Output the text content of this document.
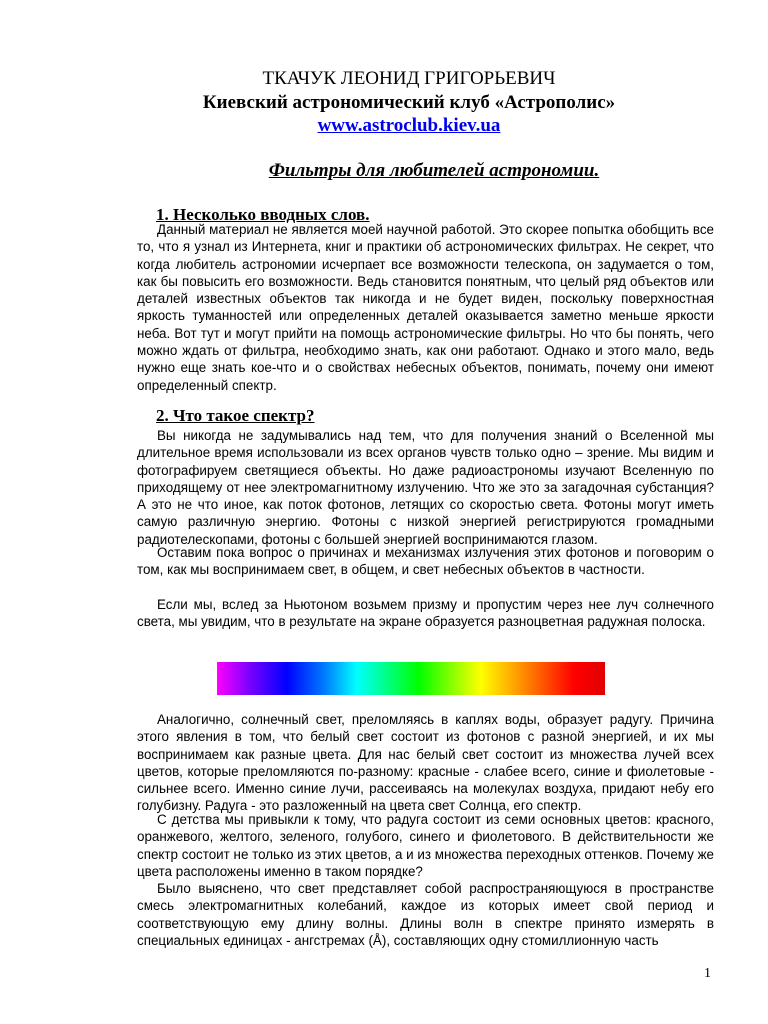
ТКАЧУК ЛЕОНИД ГРИГОРЬЕВИЧ
Киевский астрономический клуб «Астрополис»
www.astroclub.kiev.ua
Фильтры для любителей астрономии.
1. Несколько вводных слов.

Данный материал не является моей научной работой. Это скорее попытка обобщить все то, что я узнал из Интернета, книг и практики об астрономических фильтрах. Не секрет, что когда любитель астрономии исчерпает все возможности телескопа, он задумается о том, как бы повысить его возможности. Ведь становится понятным, что целый ряд объектов или деталей известных объектов так никогда и не будет виден, поскольку поверхностная яркость туманностей или определенных деталей оказывается заметно меньше яркости неба. Вот тут и могут прийти на помощь астрономические фильтры. Но что бы понять, чего можно ждать от фильтра, необходимо знать, как они работают. Однако и этого мало, ведь нужно еще знать кое-что и о свойствах небесных объектов, понимать, почему они имеют определенный спектр.

2. Что такое спектр?

Вы никогда не задумывались над тем, что для получения знаний о Вселенной мы длительное время использовали из всех органов чувств только одно – зрение. Мы видим и фотографируем светящиеся объекты. Но даже радиоастрономы изучают Вселенную по приходящему от нее электромагнитному излучению. Что же это за загадочная субстанция? А это не что иное, как поток фотонов, летящих со скоростью света. Фотоны могут иметь самую различную энергию. Фотоны с низкой энергией регистрируются громадными радиотелескопами, фотоны с большей энергией воспринимаются глазом.

Оставим пока вопрос о причинах и механизмах излучения этих фотонов и поговорим о том, как мы воспринимаем свет, в общем, и свет небесных объектов в частности.

Если мы, вслед за Ньютоном возьмем призму и пропустим через нее луч солнечного света, мы увидим, что в результате на экране образуется разноцветная радужная полоска.

Аналогично, солнечный свет, преломляясь в каплях воды, образует радугу. Причина этого явления в том, что белый свет состоит из фотонов с разной энергией, и их мы воспринимаем как разные цвета. Для нас белый свет состоит из множества лучей всех цветов, которые преломляются по-разному: красные - слабее всего, синие и фиолетовые - сильнее всего. Именно синие лучи, рассеиваясь на молекулах воздуха, придают небу его голубизну. Радуга - это разложенный на цвета свет Солнца, его спектр.

С детства мы привыкли к тому, что радуга состоит из семи основных цветов: красного, оранжевого, желтого, зеленого, голубого, синего и фиолетового. В действительности же спектр состоит не только из этих цветов, а и из множества переходных оттенков. Почему же цвета расположены именно в таком порядке?

Было выяснено, что свет представляет собой распространяющуюся в пространстве смесь электромагнитных колебаний, каждое из которых имеет свой период и соответствующую ему длину волны. Длины волн в спектре принято измерять в специальных единицах - ангстремах (Å), составляющих одну стомиллионную часть

1
